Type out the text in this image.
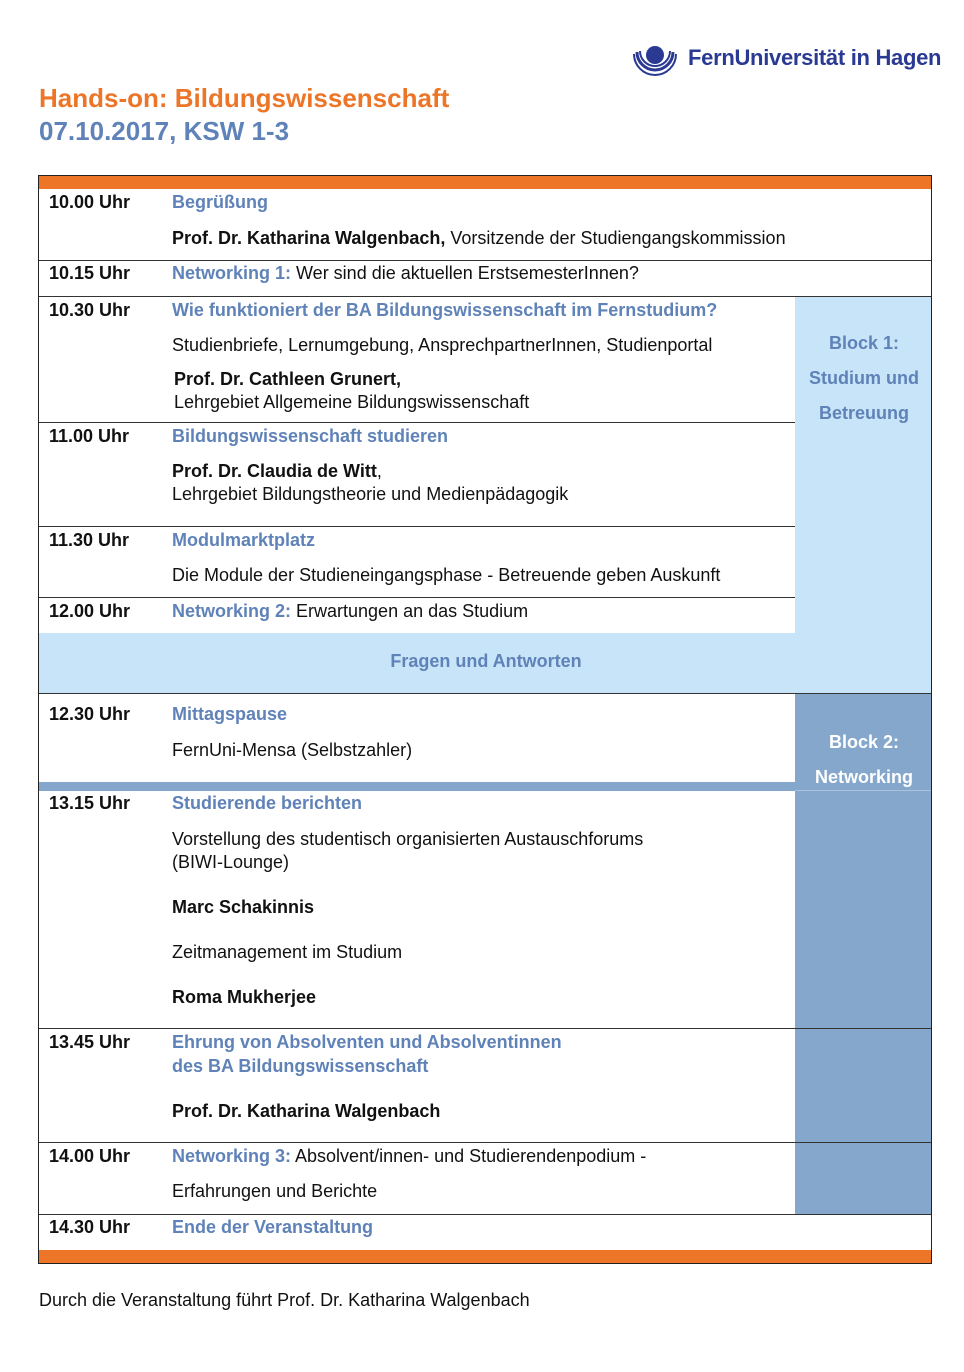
FernUniversität in Hagen
Hands-on: Bildungswissenschaft
07.10.2017, KSW 1-3
Fragen und Antworten
Block 1:
Studium und
Betreuung
Block 2:
Networking
10.00 Uhr Begrüßung
Prof. Dr. Katharina Walgenbach, Vorsitzende der Studiengangskommission
10.15 Uhr Networking 1: Wer sind die aktuellen ErstsemesterInnen?
10.30 Uhr Wie funktioniert der BA Bildungswissenschaft im Fernstudium?
Studienbriefe, Lernumgebung, AnsprechpartnerInnen, Studienportal
Prof. Dr. Cathleen Grunert,
Lehrgebiet Allgemeine Bildungswissenschaft
11.00 Uhr Bildungswissenschaft studieren
Prof. Dr. Claudia de Witt,
Lehrgebiet Bildungstheorie und Medienpädagogik
11.30 Uhr Modulmarktplatz
Die Module der Studieneingangsphase - Betreuende geben Auskunft
12.00 Uhr Networking 2: Erwartungen an das Studium
12.30 Uhr Mittagspause
FernUni-Mensa (Selbstzahler)
13.15 Uhr Studierende berichten
Vorstellung des studentisch organisierten Austauschforums
(BIWI-Lounge)
Marc Schakinnis
Zeitmanagement im Studium
Roma Mukherjee
13.45 Uhr Ehrung von Absolventen und Absolventinnen
des BA Bildungswissenschaft
Prof. Dr. Katharina Walgenbach
14.00 Uhr Networking 3: Absolvent/innen- und Studierendenpodium -
Erfahrungen und Berichte
14.30 Uhr Ende der Veranstaltung
Durch die Veranstaltung führt Prof. Dr. Katharina Walgenbach
